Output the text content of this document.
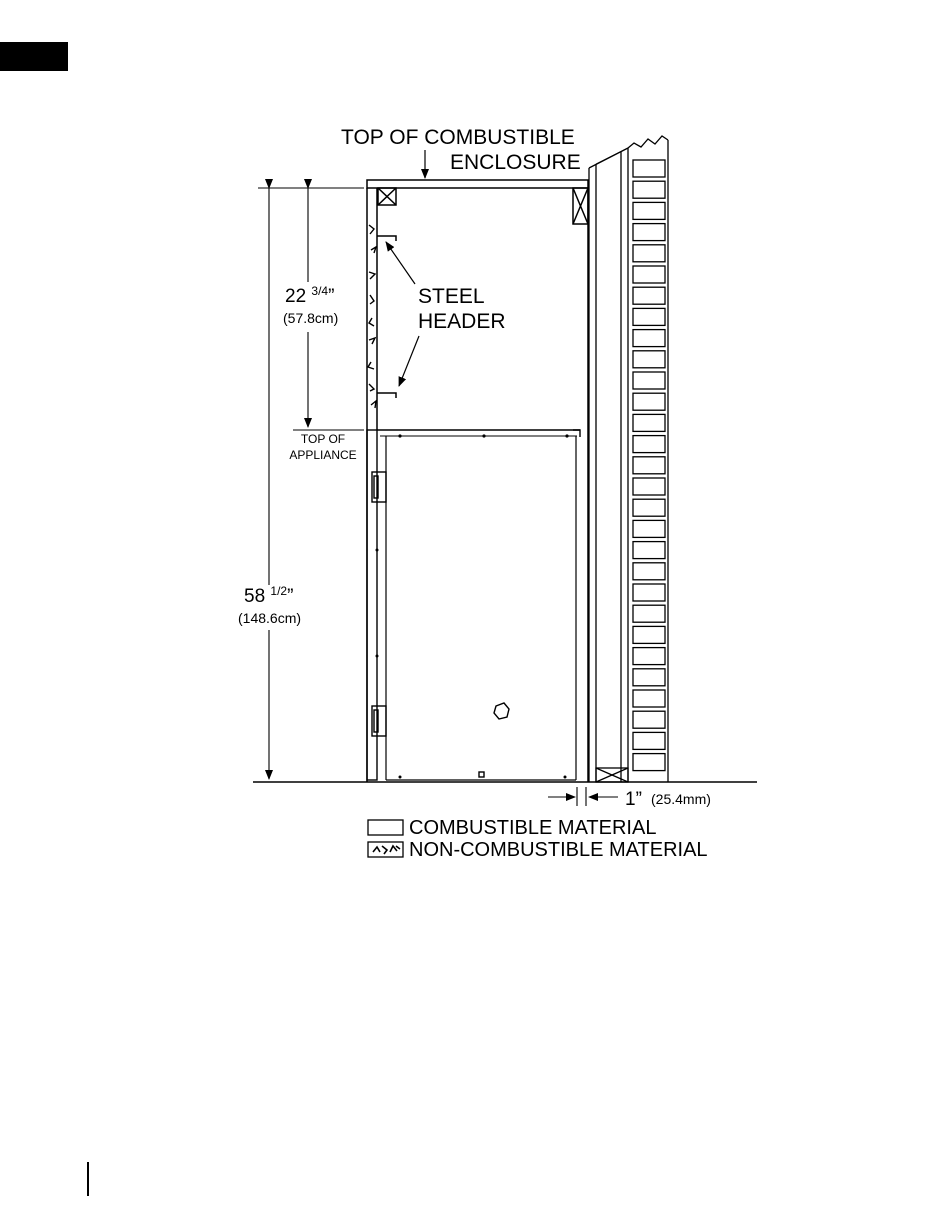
TOP OF COMBUSTIBLE
ENCLOSURE
STEEL
HEADER
TOP OF
APPLIANCE
22 $^{3/4}$”
(57.8cm)
58 $^{1/2}$”
(148.6cm)
1” (25.4mm)
COMBUSTIBLE MATERIAL
NON-COMBUSTIBLE MATERIAL
